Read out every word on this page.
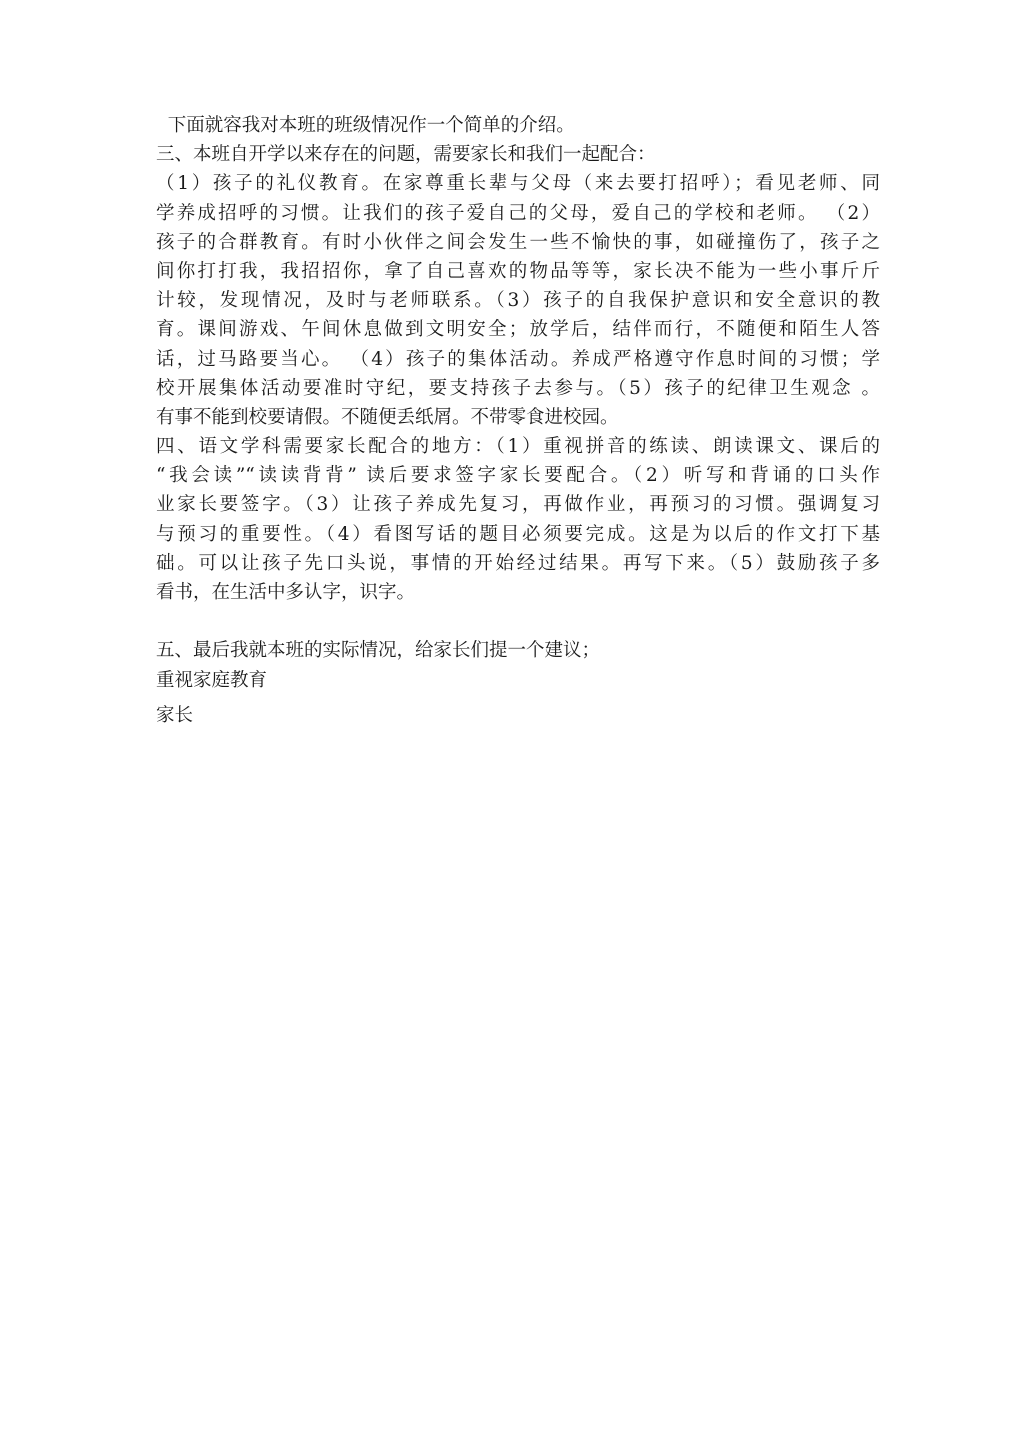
下面就容我对本班的班级情况作一个简单的介绍。
三、本班自开学以来存在的问题，需要家长和我们一起配合：
（1）孩子的礼仪教育。在家尊重长辈与父母（来去要打招呼）；看见老师、同
学养成招呼的习惯。让我们的孩子爱自己的父母，爱自己的学校和老师。 （2）
孩子的合群教育。有时小伙伴之间会发生一些不愉快的事，如碰撞伤了，孩子之
间你打打我，我招招你，拿了自己喜欢的物品等等，家长决不能为一些小事斤斤
计较，发现情况，及时与老师联系。（3）孩子的自我保护意识和安全意识的教
育。课间游戏、午间休息做到文明安全；放学后，结伴而行，不随便和陌生人答
话，过马路要当心。 （4）孩子的集体活动。养成严格遵守作息时间的习惯；学
校开展集体活动要准时守纪，要支持孩子去参与。（5）孩子的纪律卫生观念 。
有事不能到校要请假。不随便丢纸屑。不带零食进校园。
四、语文学科需要家长配合的地方：（1）重视拼音的练读、朗读课文、课后的
“我会读”“读读背背” 读后要求签字家长要配合。（2）听写和背诵的口头作
业家长要签字。（3）让孩子养成先复习，再做作业，再预习的习惯。强调复习
与预习的重要性。（4）看图写话的题目必须要完成。这是为以后的作文打下基
础。可以让孩子先口头说，事情的开始经过结果。再写下来。（5）鼓励孩子多
看书，在生活中多认字，识字。
五、最后我就本班的实际情况，给家长们提一个建议；
重视家庭教育
家长
